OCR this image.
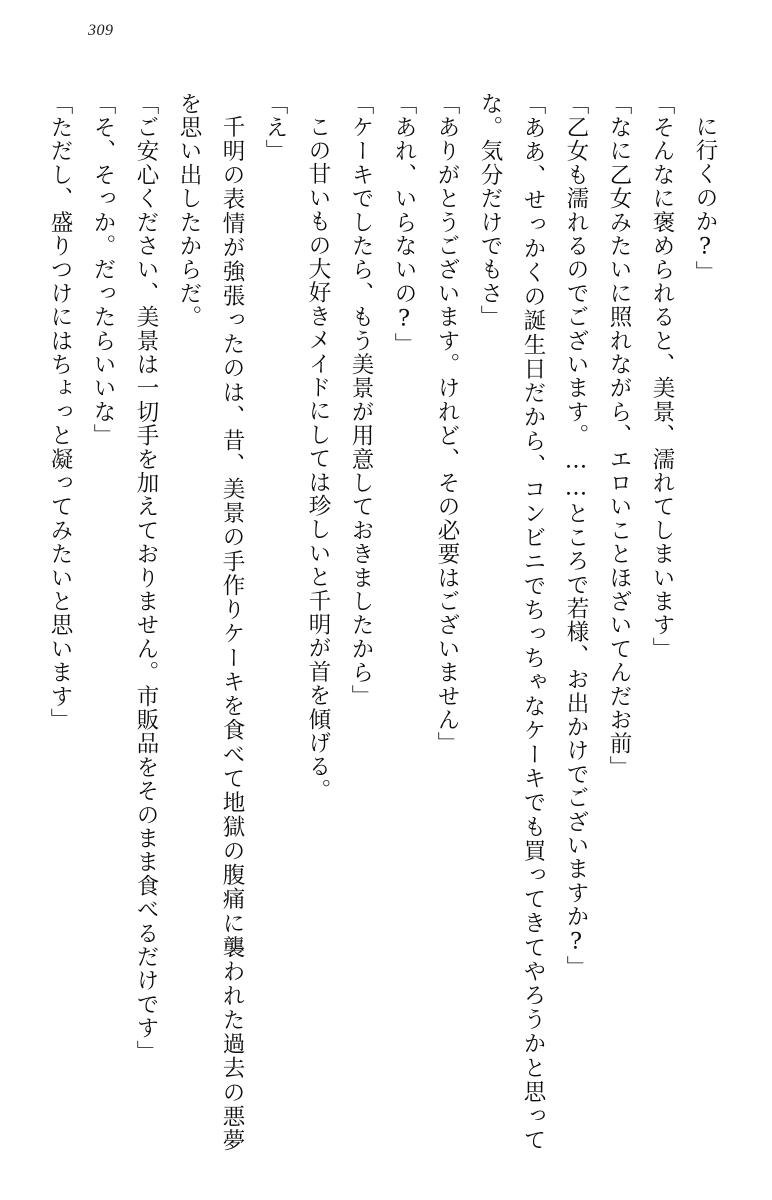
309

に行くのか?」

「そんなに褒められると、美景、濡れてしまいます」

「なに乙女みたいに照れながら、エロいことほざいてんだお前」

「乙女も濡れるのでございます。……ところで若様、お出かけでございますか?」

「ああ、せっかくの誕生日だから、コンビニでちっちゃなケーキでも買ってきてやろうかと思ってな。気分だけでもさ」

「ありがとうございます。けれど、その必要はございません」

「あれ、いらないの?」

「ケーキでしたら、もう美景が用意しておきましたから」

この甘いもの大好きメイドにしては珍しいと千明が首を傾げる。

「え」

千明の表情が強張ったのは、昔、美景の手作りケーキを食べて地獄の腹痛に襲われた過去の悪夢を思い出したからだ。

「ご安心ください、美景は一切手を加えておりません。市販品をそのまま食べるだけです」

「そ、そっか。だったらいいな」

「ただし、盛りつけにはちょっと凝ってみたいと思います」
